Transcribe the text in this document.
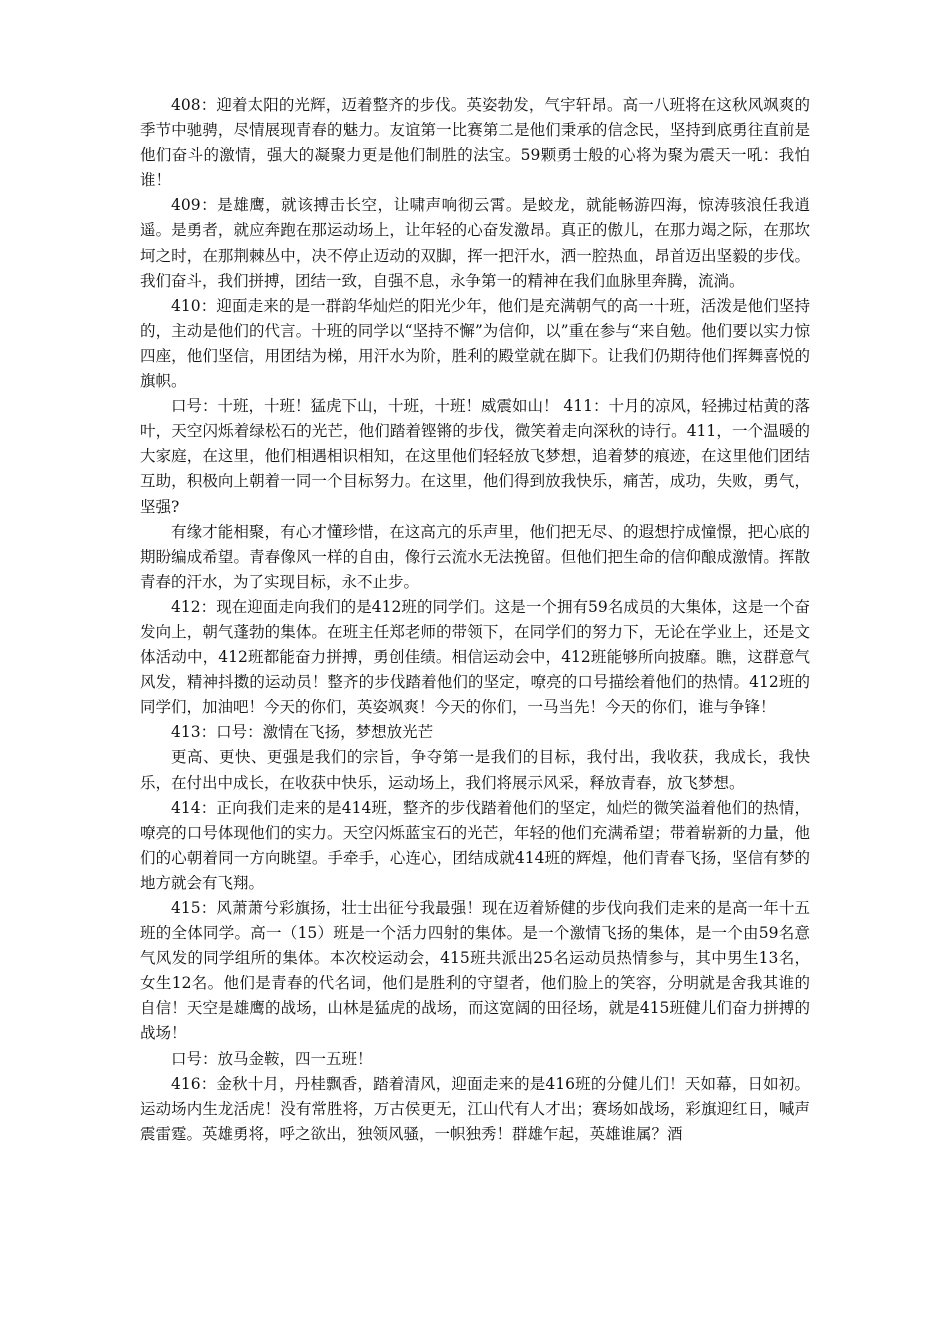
408：迎着太阳的光辉，迈着整齐的步伐。英姿勃发，气宇轩昂。高一八班将在这秋风飒爽的季节中驰骋，尽情展现青春的魅力。友谊第一比赛第二是他们秉承的信念民，坚持到底勇往直前是他们奋斗的激情，强大的凝聚力更是他们制胜的法宝。59颗勇士般的心将为聚为震天一吼：我怕谁！

409：是雄鹰，就该搏击长空，让啸声响彻云霄。是蛟龙，就能畅游四海，惊涛骇浪任我逍遥。是勇者，就应奔跑在那运动场上，让年轻的心奋发激昂。真正的傲儿，在那力竭之际，在那坎坷之时，在那荆棘丛中，决不停止迈动的双脚，挥一把汗水，洒一腔热血，昂首迈出坚毅的步伐。我们奋斗，我们拼搏，团结一致，自强不息，永争第一的精神在我们血脉里奔腾，流淌。

410：迎面走来的是一群韵华灿烂的阳光少年，他们是充满朝气的高一十班，活泼是他们坚持的，主动是他们的代言。十班的同学以“坚持不懈”为信仰，以”重在参与“来自勉。他们要以实力惊四座，他们坚信，用团结为梯，用汗水为阶，胜利的殿堂就在脚下。让我们仍期待他们挥舞喜悦的旗帜。

口号：十班，十班！猛虎下山，十班，十班！威震如山！ 411：十月的凉风，轻拂过枯黄的落叶，天空闪烁着绿松石的光芒，他们踏着铿锵的步伐，微笑着走向深秋的诗行。411，一个温暖的大家庭，在这里，他们相遇相识相知，在这里他们轻轻放飞梦想，追着梦的痕迹，在这里他们团结互助，积极向上朝着一同一个目标努力。在这里，他们得到放我快乐，痛苦，成功，失败，勇气，坚强?

有缘才能相聚，有心才懂珍惜，在这高亢的乐声里，他们把无尽、的遐想拧成憧憬，把心底的期盼编成希望。青春像风一样的自由，像行云流水无法挽留。但他们把生命的信仰酿成激情。挥散青春的汗水，为了实现目标，永不止步。

412：现在迎面走向我们的是412班的同学们。这是一个拥有59名成员的大集体，这是一个奋发向上，朝气蓬勃的集体。在班主任郑老师的带领下，在同学们的努力下，无论在学业上，还是文体活动中，412班都能奋力拼搏，勇创佳绩。相信运动会中，412班能够所向披靡。瞧，这群意气风发，精神抖擞的运动员！整齐的步伐踏着他们的坚定，嘹亮的口号描绘着他们的热情。412班的同学们，加油吧！今天的你们，英姿飒爽！今天的你们，一马当先！今天的你们，谁与争锋！

413：口号：激情在飞扬，梦想放光芒

更高、更快、更强是我们的宗旨，争夺第一是我们的目标，我付出，我收获，我成长，我快乐，在付出中成长，在收获中快乐，运动场上，我们将展示风采，释放青春，放飞梦想。

414：正向我们走来的是414班，整齐的步伐踏着他们的坚定，灿烂的微笑溢着他们的热情，嘹亮的口号体现他们的实力。天空闪烁蓝宝石的光芒，年轻的他们充满希望；带着崭新的力量，他们的心朝着同一方向眺望。手牵手，心连心，团结成就414班的辉煌，他们青春飞扬，坚信有梦的地方就会有飞翔。

415：风萧萧兮彩旗扬，壮士出征兮我最强！现在迈着矫健的步伐向我们走来的是高一年十五班的全体同学。高一（15）班是一个活力四射的集体。是一个激情飞扬的集体，是一个由59名意气风发的同学组所的集体。本次校运动会，415班共派出25名运动员热情参与，其中男生13名，女生12名。他们是青春的代名词，他们是胜利的守望者，他们脸上的笑容，分明就是舍我其谁的自信！天空是雄鹰的战场，山林是猛虎的战场，而这宽阔的田径场，就是415班健儿们奋力拼搏的战场！

口号：放马金鞍，四一五班！

416：金秋十月，丹桂飘香，踏着清风，迎面走来的是416班的分健儿们！天如幕，日如初。运动场内生龙活虎！没有常胜将，万古侯更无，江山代有人才出；赛场如战场，彩旗迎红日，喊声震雷霆。英雄勇将，呼之欲出，独领风骚，一帜独秀！群雄乍起，英雄谁属？酒
